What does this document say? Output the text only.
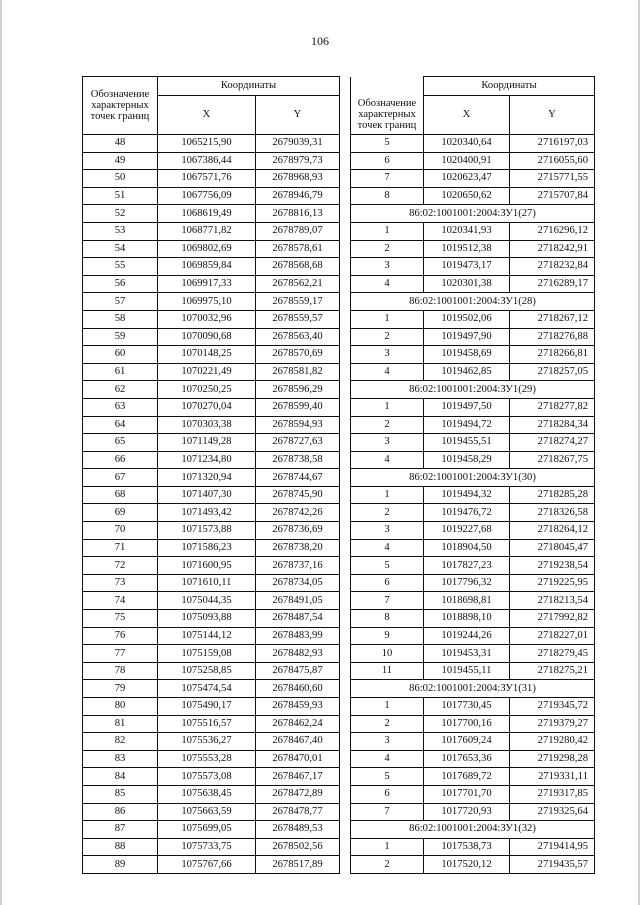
106
Обозначение характерных точек границ	Координаты				Координаты	
	X	Y		Обозначение характерных точек границ	X	Y
48	1065215,90	2679039,31		5	1020340,64	2716197,03
49	1067386,44	2678979,73		6	1020400,91	2716055,60
50	1067571,76	2678968,93		7	1020623,47	2715771,55
51	1067756,09	2678946,79		8	1020650,62	2715707,84
52	1068619,49	2678816,13		86:02:1001001:2004:ЗУ1(27)		
53	1068771,82	2678789,07		1	1020341,93	2716296,12
54	1069802,69	2678578,61		2	1019512,38	2718242,91
55	1069859,84	2678568,68		3	1019473,17	2718232,84
56	1069917,33	2678562,21		4	1020301,38	2716289,17
57	1069975,10	2678559,17		86:02:1001001:2004:ЗУ1(28)		
58	1070032,96	2678559,57		1	1019502,06	2718267,12
59	1070090,68	2678563,40		2	1019497,90	2718276,88
60	1070148,25	2678570,69		3	1019458,69	2718266,81
61	1070221,49	2678581,82		4	1019462,85	2718257,05
62	1070250,25	2678596,29		86:02:1001001:2004:ЗУ1(29)		
63	1070270,04	2678599,40		1	1019497,50	2718277,82
64	1070303,38	2678594,93		2	1019494,72	2718284,34
65	1071149,28	2678727,63		3	1019455,51	2718274,27
66	1071234,80	2678738,58		4	1019458,29	2718267,75
67	1071320,94	2678744,67		86:02:1001001:2004:ЗУ1(30)		
68	1071407,30	2678745,90		1	1019494,32	2718285,28
69	1071493,42	2678742,26		2	1019476,72	2718326,58
70	1071573,88	2678736,69		3	1019227,68	2718264,12
71	1071586,23	2678738,20		4	1018904,50	2718045,47
72	1071600,95	2678737,16		5	1017827,23	2719238,54
73	1071610,11	2678734,05		6	1017796,32	2719225,95
74	1075044,35	2678491,05		7	1018698,81	2718213,54
75	1075093,88	2678487,54		8	1018898,10	2717992,82
76	1075144,12	2678483,99		9	1019244,26	2718227,01
77	1075159,08	2678482,93		10	1019453,31	2718279,45
78	1075258,85	2678475,87		11	1019455,11	2718275,21
79	1075474,54	2678460,60		86:02:1001001:2004:ЗУ1(31)		
80	1075490,17	2678459,93		1	1017730,45	2719345,72
81	1075516,57	2678462,24		2	1017700,16	2719379,27
82	1075536,27	2678467,40		3	1017609,24	2719280,42
83	1075553,28	2678470,01		4	1017653,36	2719298,28
84	1075573,08	2678467,17		5	1017689,72	2719331,11
85	1075638,45	2678472,89		6	1017701,70	2719317,85
86	1075663,59	2678478,77		7	1017720,93	2719325,64
87	1075699,05	2678489,53		86:02:1001001:2004:ЗУ1(32)		
88	1075733,75	2678502,56		1	1017538,73	2719414,95
89	1075767,66	2678517,89		2	1017520,12	2719435,57
